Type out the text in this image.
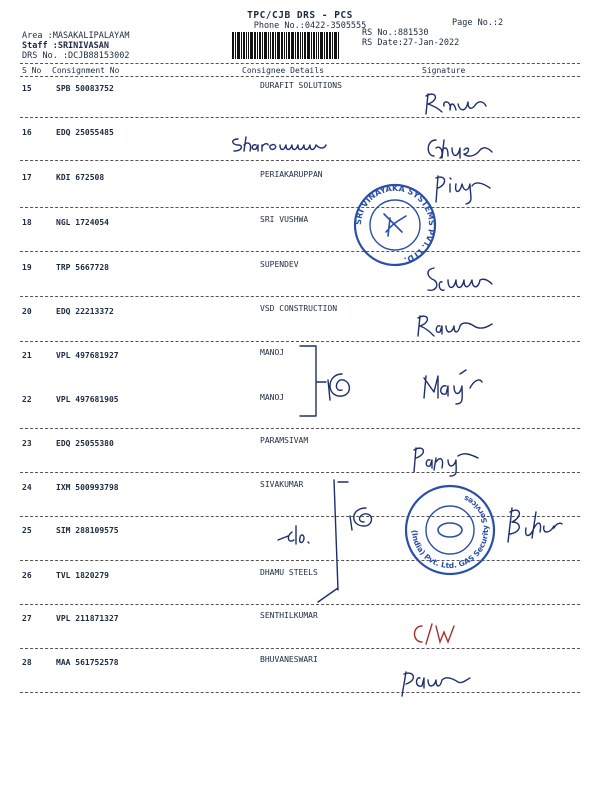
TPC/CJB DRS - PCS
Phone No.:0422-3505555	Page No.:2
Area :MASAKALIPALAYAM
Staff :SRINIVASAN
DRS No. :DCJB88153002
RS No.:881530
RS Date:27-Jan-2022
S No Consignment No	Consignee Details	Signature
15	SPB 50083752	DURAFIT SOLUTIONS
16	EDQ 25055485
17	KDI 672508	PERIAKARUPPAN
18	NGL 1724054	SRI VUSHWA
19	TRP 5667728	SUPENDEV
20	EDQ 22213372	VSD CONSTRUCTION
21	VPL 497681927	MANOJ
22	VPL 497681905	MANOJ
23	EDQ 25055380	PARAMSIVAM
24	IXM 500993798	SIVAKUMAR
25	SIM 288109575
26	TVL 1820279	DHAMU STEELS
27	VPL 211871327	SENTHILKUMAR
28	MAA 561752578	BHUVANESWARI
SRI VINAYAKA SYSTEMS PVT. LTD.
(India) Pvt. Ltd. GAS Security Services
